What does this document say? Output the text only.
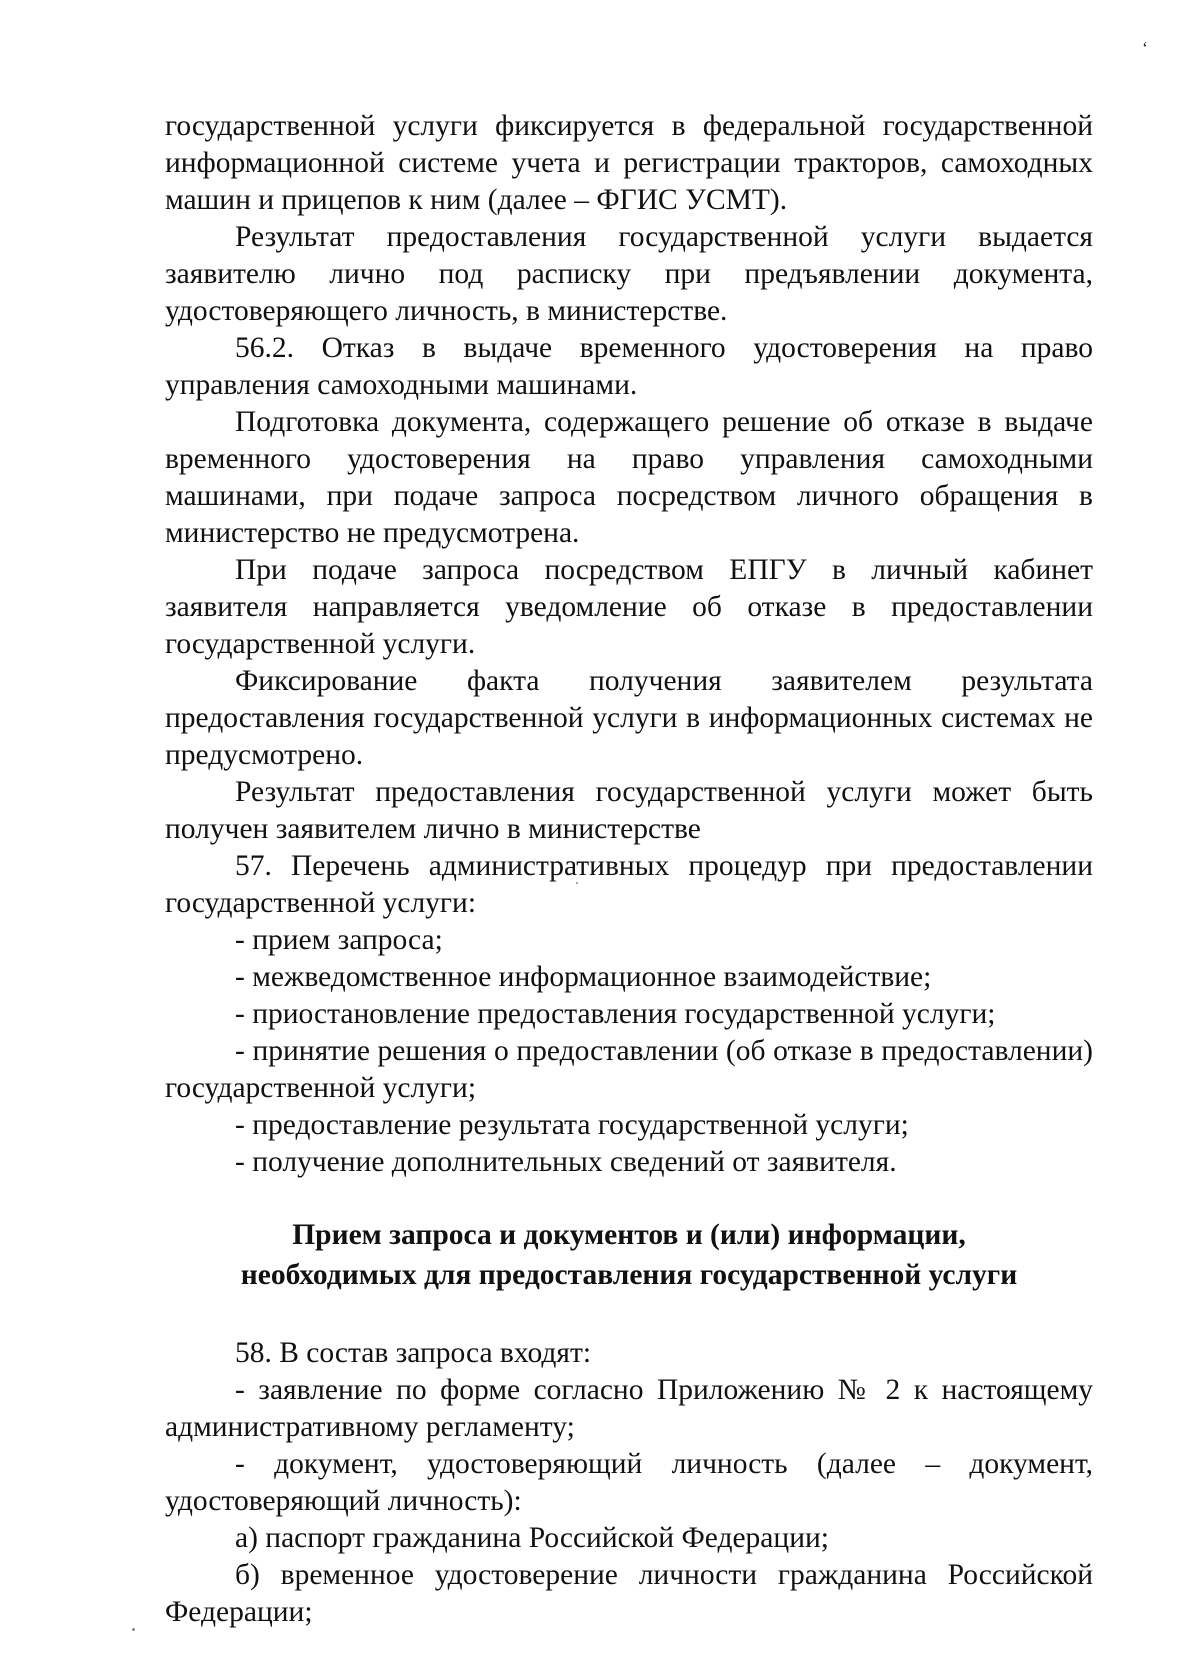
ʻ

государственной услуги фиксируется в федеральной государственной информационной системе учета и регистрации тракторов, самоходных машин и прицепов к ним (далее – ФГИС УСМТ).

Результат предоставления государственной услуги выдается заявителю лично под расписку при предъявлении документа, удостоверяющего личность, в министерстве.

56.2. Отказ в выдаче временного удостоверения на право управления самоходными машинами.

Подготовка документа, содержащего решение об отказе в выдаче временного удостоверения на право управления самоходными машинами, при подаче запроса посредством личного обращения в министерство не предусмотрена.

При подаче запроса посредством ЕПГУ в личный кабинет заявителя направляется уведомление об отказе в предоставлении государственной услуги.

Фиксирование факта получения заявителем результата предоставления государственной услуги в информационных системах не предусмотрено.

Результат предоставления государственной услуги может быть получен заявителем лично в министерстве

57. Перечень административных процедур при предоставлении государственной услуги:

- прием запроса;

- межведомственное информационное взаимодействие;

- приостановление предоставления государственной услуги;

- принятие решения о предоставлении (об отказе в предоставлении) государственной услуги;

- предоставление результата государственной услуги;

- получение дополнительных сведений от заявителя.

Прием запроса и документов и (или) информации, необходимых для предоставления государственной услуги

58. В состав запроса входят:

- заявление по форме согласно Приложению № 2 к настоящему административному регламенту;

- документ, удостоверяющий личность (далее – документ, удостоверяющий личность):

а) паспорт гражданина Российской Федерации;

б) временное удостоверение личности гражданина Российской Федерации;
